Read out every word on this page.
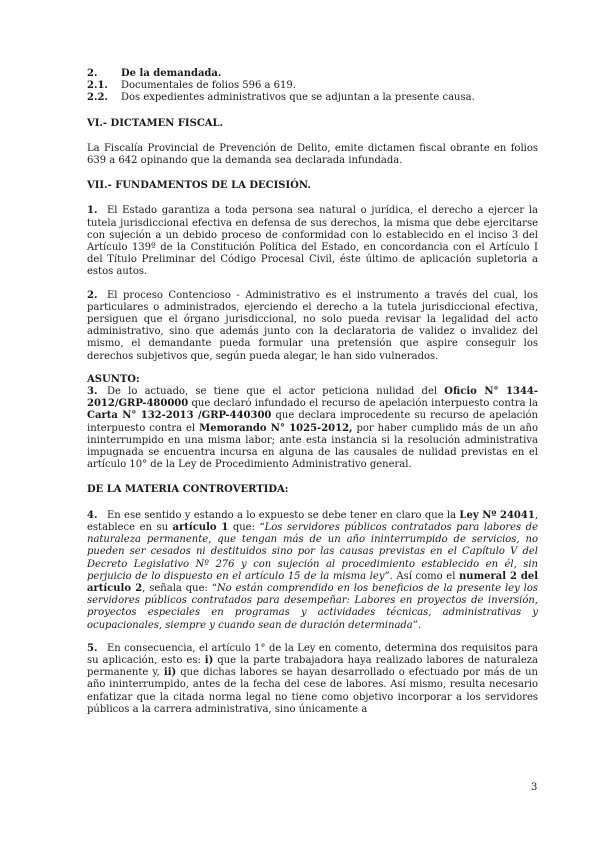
2.	De la demandada.
2.1.	Documentales de folios 596 a 619.
2.2.	Dos expedientes administrativos que se adjuntan a la presente causa.
VI.- DICTAMEN FISCAL.

La Fiscalía Provincial de Prevención de Delito, emite dictamen fiscal obrante en folios 639 a 642 opinando que la demanda sea declarada infundada.

VII.- FUNDAMENTOS DE LA DECISIÓN.

1. El Estado garantiza a toda persona sea natural o jurídica, el derecho a ejercer la tutela jurisdiccional efectiva en defensa de sus derechos, la misma que debe ejercitarse con sujeción a un debido proceso de conformidad con lo establecido en el inciso 3 del Artículo 139º de la Constitución Política del Estado, en concordancia con el Artículo I del Título Preliminar del Código Procesal Civil, éste último de aplicación supletoria a estos autos.

2. El proceso Contencioso - Administrativo es el instrumento a través del cual, los particulares o administrados, ejerciendo el derecho a la tutela jurisdiccional efectiva, persiguen que el órgano jurisdiccional, no solo pueda revisar la legalidad del acto administrativo, sino que además junto con la declaratoria de validez o invalidez del mismo, el demandante pueda formular una pretensión que aspire conseguir los derechos subjetivos que, según pueda alegar, le han sido vulnerados.

ASUNTO:

3. De lo actuado, se tiene que el actor peticiona nulidad del Oficio N° 1344-2012/GRP-480000 que declaró infundado el recurso de apelación interpuesto contra la Carta N° 132-2013 /GRP-440300 que declara improcedente su recurso de apelación interpuesto contra el Memorando N° 1025-2012, por haber cumplido más de un año ininterrumpido en una misma labor; ante esta instancia si la resolución administrativa impugnada se encuentra incursa en alguna de las causales de nulidad previstas en el artículo 10° de la Ley de Procedimiento Administrativo general.

DE LA MATERIA CONTROVERTIDA:

4. En ese sentido y estando a lo expuesto se debe tener en claro que la Ley Nº 24041, establece en su artículo 1 que: “Los servidores públicos contratados para labores de naturaleza permanente, que tengan más de un año ininterrumpido de servicios, no pueden ser cesados ni destituidos sino por las causas previstas en el Capítulo V del Decreto Legislativo Nº 276 y con sujeción al procedimiento establecido en él, sin perjuicio de lo dispuesto en el artículo 15 de la misma ley”. Así como el numeral 2 del artículo 2, señala que: “No están comprendido en los beneficios de la presente ley los servidores públicos contratados para desempeñar: Labores en proyectos de inversión, proyectos especiales en programas y actividades técnicas, administrativas y ocupacionales, siempre y cuando sean de duración determinada”.

5. En consecuencia, el artículo 1° de la Ley en comento, determina dos requisitos para su aplicación, esto es: i) que la parte trabajadora haya realizado labores de naturaleza permanente y, ii) que dichas labores se hayan desarrollado o efectuado por más de un año ininterrumpido, antes de la fecha del cese de labores. Así mismo, resulta necesario enfatizar que la citada norma legal no tiene como objetivo incorporar a los servidores públicos a la carrera administrativa, sino únicamente a

3
